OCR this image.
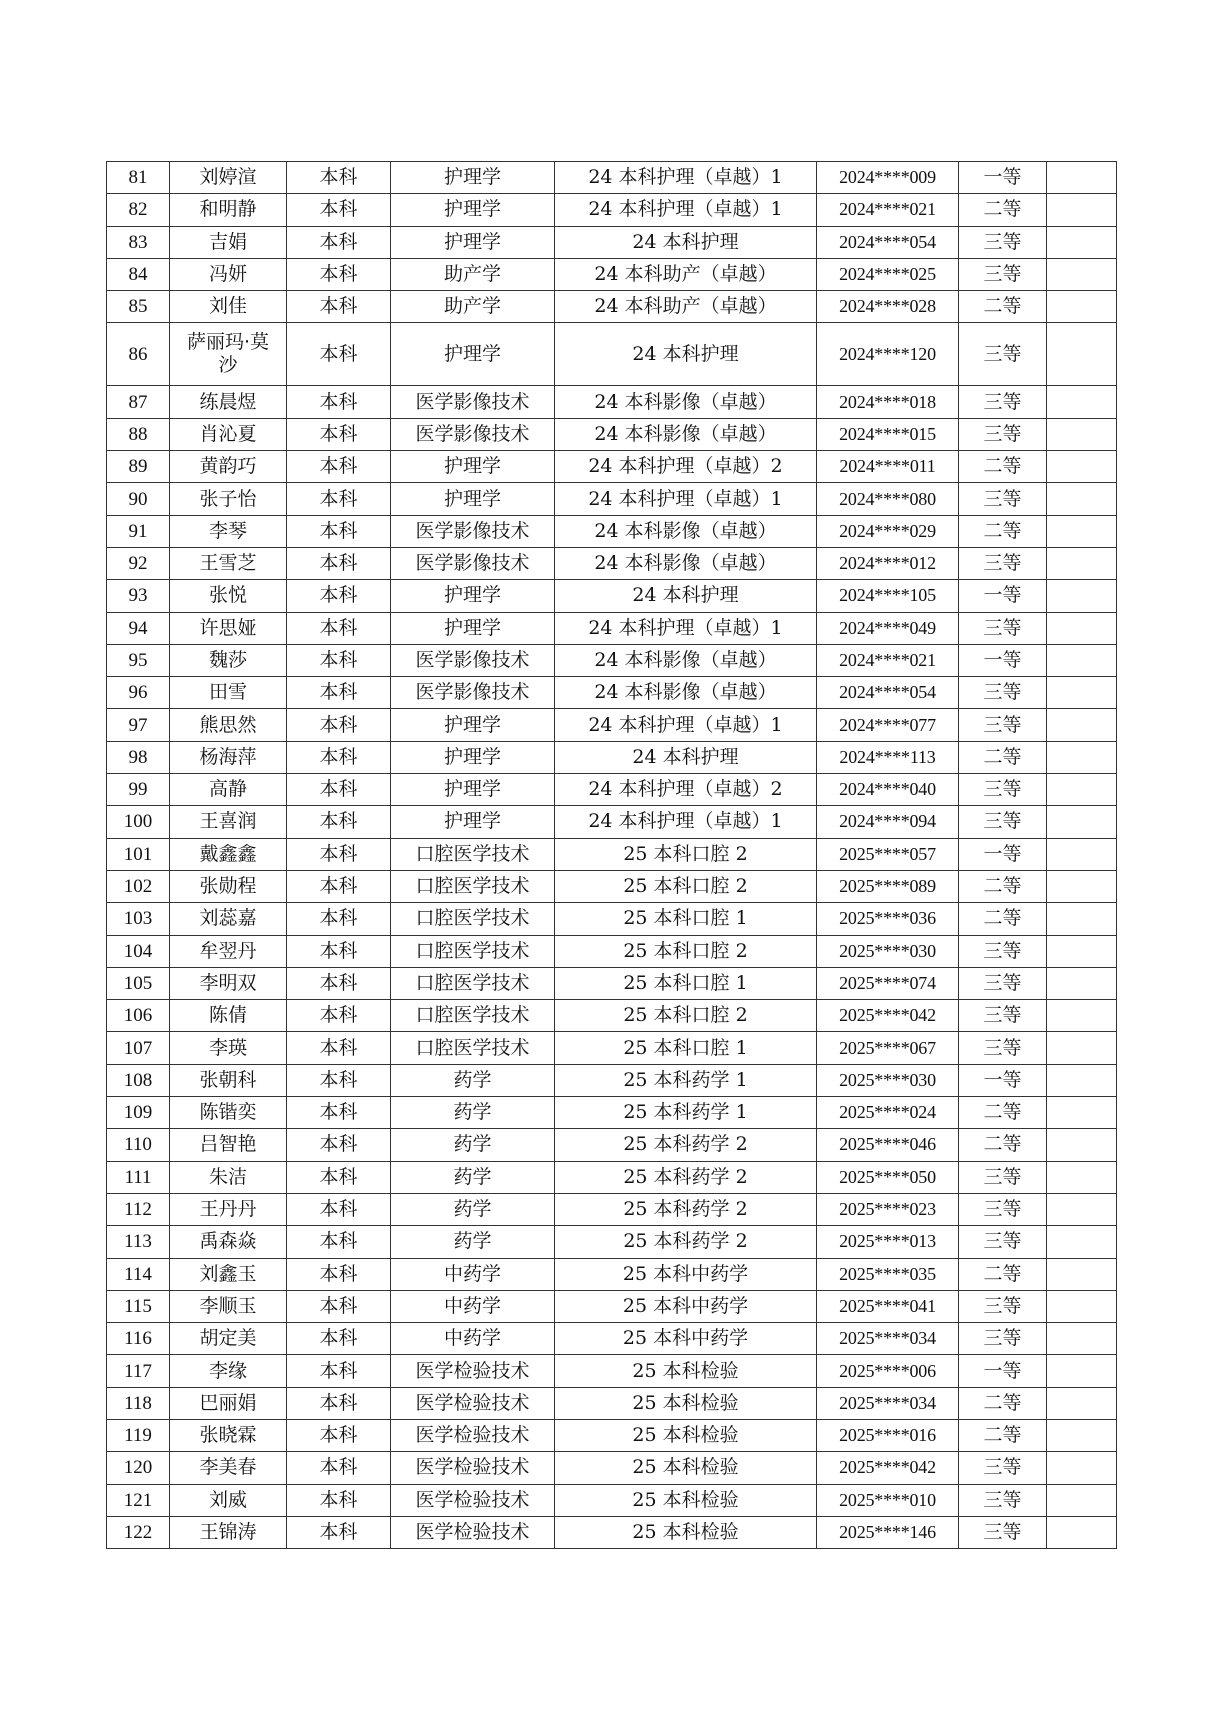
81	刘婷渲	本科	护理学	24 本科护理（卓越）1	2024****009	一等	
82	和明静	本科	护理学	24 本科护理（卓越）1	2024****021	二等	
83	吉娟	本科	护理学	24 本科护理	2024****054	三等	
84	冯妍	本科	助产学	24 本科助产（卓越）	2024****025	三等	
85	刘佳	本科	助产学	24 本科助产（卓越）	2024****028	二等	
86	萨丽玛·莫沙	本科	护理学	24 本科护理	2024****120	三等	
87	练晨煜	本科	医学影像技术	24 本科影像（卓越）	2024****018	三等	
88	肖沁夏	本科	医学影像技术	24 本科影像（卓越）	2024****015	三等	
89	黄韵巧	本科	护理学	24 本科护理（卓越）2	2024****011	二等	
90	张子怡	本科	护理学	24 本科护理（卓越）1	2024****080	三等	
91	李琴	本科	医学影像技术	24 本科影像（卓越）	2024****029	二等	
92	王雪芝	本科	医学影像技术	24 本科影像（卓越）	2024****012	三等	
93	张悦	本科	护理学	24 本科护理	2024****105	一等	
94	许思娅	本科	护理学	24 本科护理（卓越）1	2024****049	三等	
95	魏莎	本科	医学影像技术	24 本科影像（卓越）	2024****021	一等	
96	田雪	本科	医学影像技术	24 本科影像（卓越）	2024****054	三等	
97	熊思然	本科	护理学	24 本科护理（卓越）1	2024****077	三等	
98	杨海萍	本科	护理学	24 本科护理	2024****113	二等	
99	高静	本科	护理学	24 本科护理（卓越）2	2024****040	三等	
100	王喜润	本科	护理学	24 本科护理（卓越）1	2024****094	三等	
101	戴鑫鑫	本科	口腔医学技术	25 本科口腔 2	2025****057	一等	
102	张勋程	本科	口腔医学技术	25 本科口腔 2	2025****089	二等	
103	刘蕊嘉	本科	口腔医学技术	25 本科口腔 1	2025****036	二等	
104	牟翌丹	本科	口腔医学技术	25 本科口腔 2	2025****030	三等	
105	李明双	本科	口腔医学技术	25 本科口腔 1	2025****074	三等	
106	陈倩	本科	口腔医学技术	25 本科口腔 2	2025****042	三等	
107	李瑛	本科	口腔医学技术	25 本科口腔 1	2025****067	三等	
108	张朝科	本科	药学	25 本科药学 1	2025****030	一等	
109	陈锴奕	本科	药学	25 本科药学 1	2025****024	二等	
110	吕智艳	本科	药学	25 本科药学 2	2025****046	二等	
111	朱洁	本科	药学	25 本科药学 2	2025****050	三等	
112	王丹丹	本科	药学	25 本科药学 2	2025****023	三等	
113	禹森焱	本科	药学	25 本科药学 2	2025****013	三等	
114	刘鑫玉	本科	中药学	25 本科中药学	2025****035	二等	
115	李顺玉	本科	中药学	25 本科中药学	2025****041	三等	
116	胡定美	本科	中药学	25 本科中药学	2025****034	三等	
117	李缘	本科	医学检验技术	25 本科检验	2025****006	一等	
118	巴丽娟	本科	医学检验技术	25 本科检验	2025****034	二等	
119	张晓霖	本科	医学检验技术	25 本科检验	2025****016	二等	
120	李美春	本科	医学检验技术	25 本科检验	2025****042	三等	
121	刘威	本科	医学检验技术	25 本科检验	2025****010	三等	
122	王锦涛	本科	医学检验技术	25 本科检验	2025****146	三等	
